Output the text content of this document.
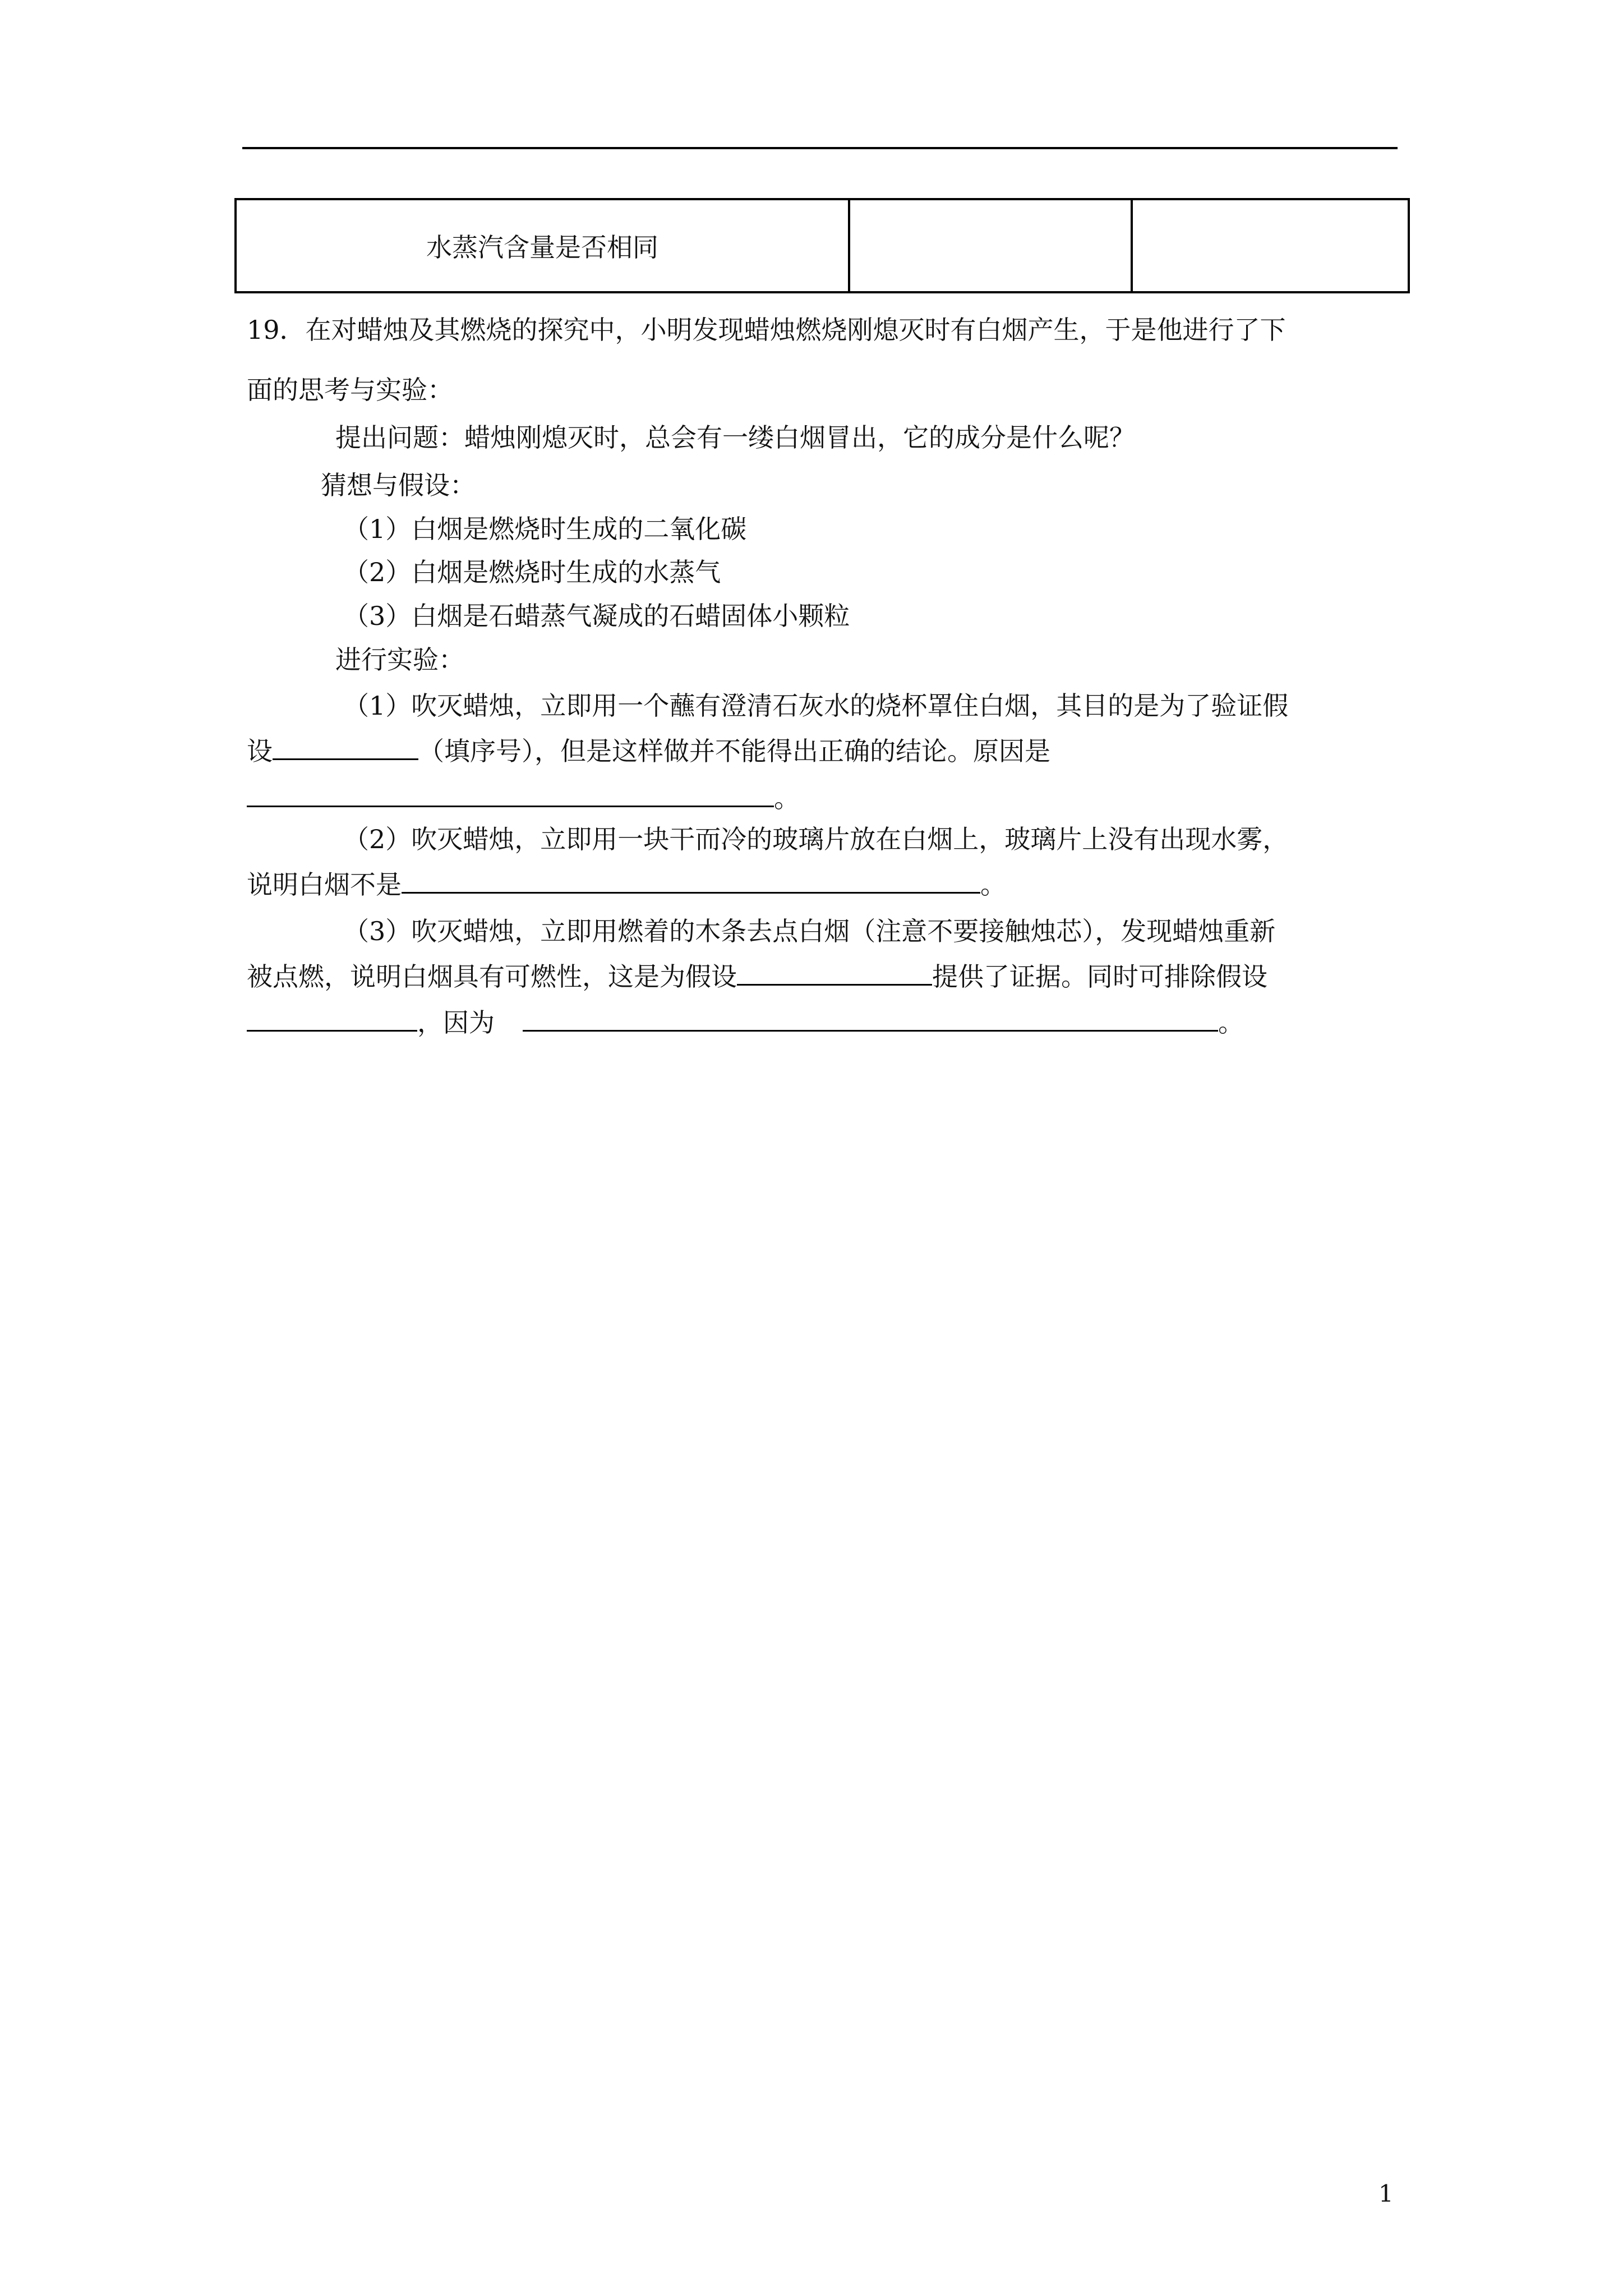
水蒸汽含量是否相同		
19．在对蜡烛及其燃烧的探究中，小明发现蜡烛燃烧刚熄灭时有白烟产生，于是他进行了下
面的思考与实验：
提出问题：蜡烛刚熄灭时，总会有一缕白烟冒出，它的成分是什么呢？
猜想与假设：
（1）白烟是燃烧时生成的二氧化碳
（2）白烟是燃烧时生成的水蒸气
（3）白烟是石蜡蒸气凝成的石蜡固体小颗粒
进行实验：
（1）吹灭蜡烛，立即用一个蘸有澄清石灰水的烧杯罩住白烟，其目的是为了验证假
设	（填序号），但是这样做并不能得出正确的结论。原因是
。
（2）吹灭蜡烛，立即用一块干而冷的玻璃片放在白烟上，玻璃片上没有出现水雾，
说明白烟不是	。
（3）吹灭蜡烛，立即用燃着的木条去点白烟（注意不要接触烛芯），发现蜡烛重新
被点燃，说明白烟具有可燃性，这是为假设	提供了证据。同时可排除假设
，因为	。
1
